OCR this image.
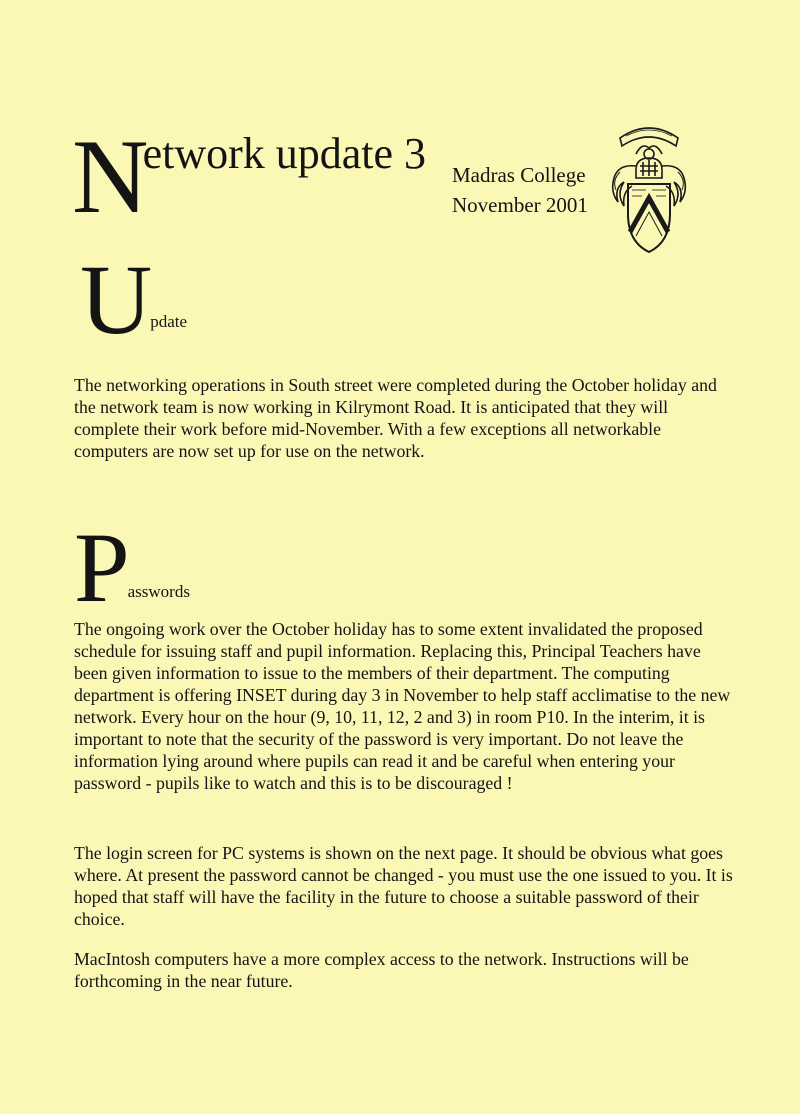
Network update 3 Madras College
November 2001
Update

The networking operations in South street were completed during the October holiday and the network team is now working in Kilrymont Road. It is anticipated that they will complete their work before mid-November. With a few exceptions all networkable computers are now set up for use on the network.

Passwords

The ongoing work over the October holiday has to some extent invalidated the proposed schedule for issuing staff and pupil information. Replacing this, Principal Teachers have been given information to issue to the members of their department. The computing department is offering INSET during day 3 in November to help staff acclimatise to the new network. Every hour on the hour (9, 10, 11, 12, 2 and 3) in room P10. In the interim, it is important to note that the security of the password is very important. Do not leave the information lying around where pupils can read it and be careful when entering your password - pupils like to watch and this is to be discouraged !

The login screen for PC systems is shown on the next page. It should be obvious what goes where. At present the password cannot be changed - you must use the one issued to you. It is hoped that staff will have the facility in the future to choose a suitable password of their choice.

MacIntosh computers have a more complex access to the network. Instructions will be forthcoming in the near future.
